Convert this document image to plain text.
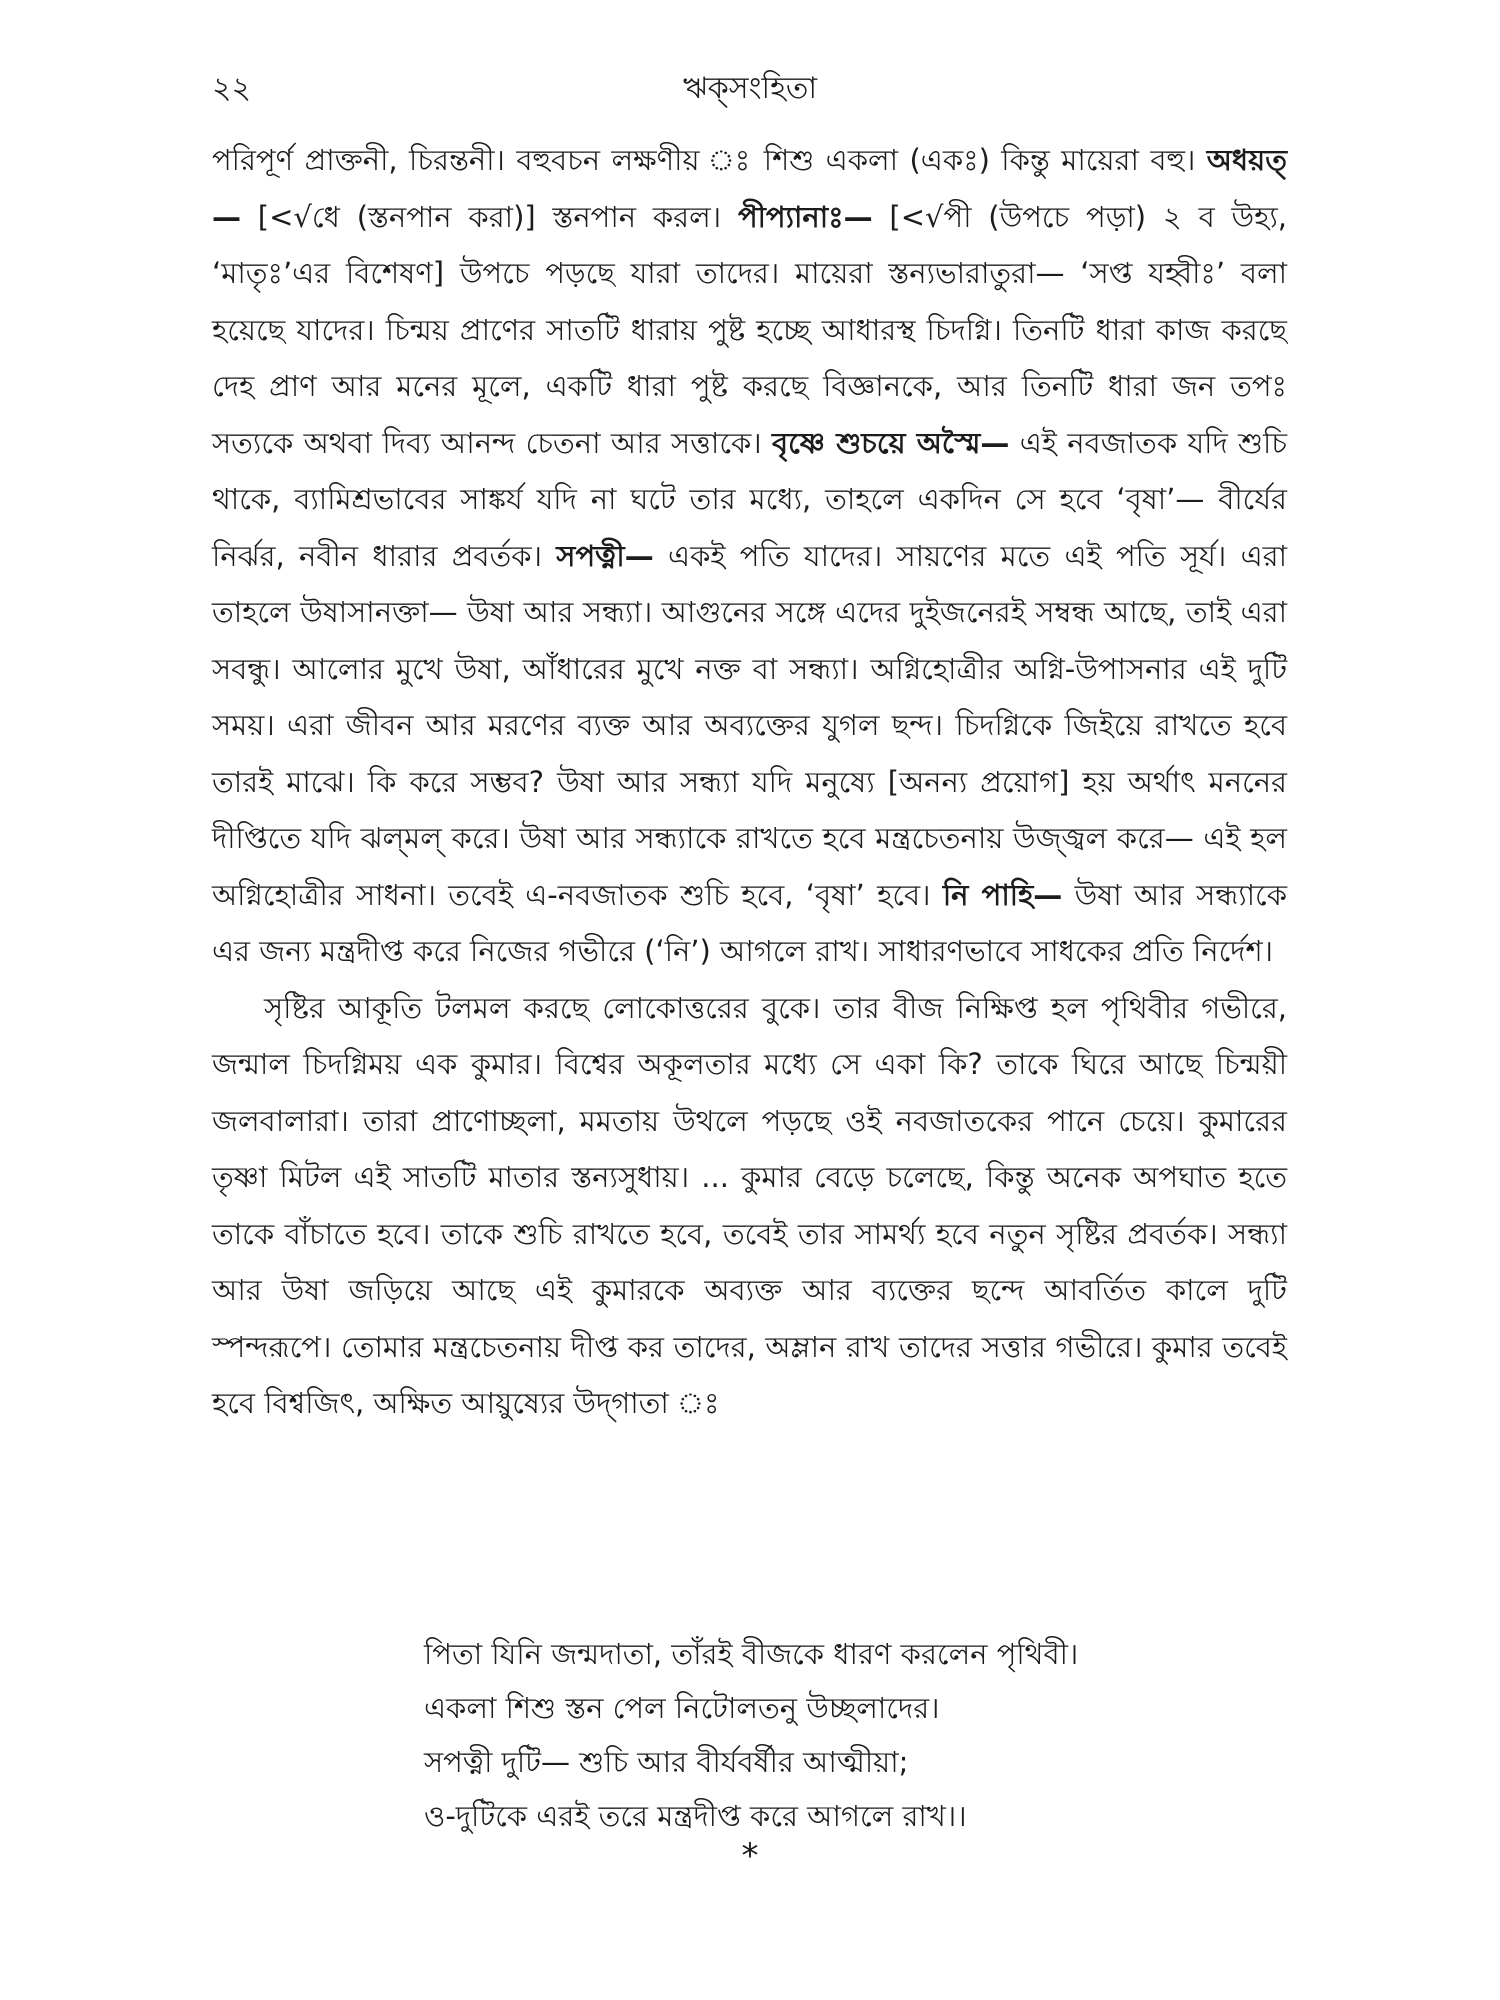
২২	ঋক্‌সংহিতা

পরিপূর্ণ প্রাক্তনী, চিরন্তনী। বহুবচন লক্ষণীয় ঃ শিশু একলা (একঃ) কিন্তু মায়েরা বহু। অধয়ত্— [<√ধে (স্তনপান করা)] স্তনপান করল। পীপ্যানাঃ— [<√পী (উপচে পড়া) ২ ব উহ্য, ‘মাতৃঃ’এর বিশেষণ] উপচে পড়ছে যারা তাদের। মায়েরা স্তন্যভারাতুরা— ‘সপ্ত যহ্বীঃ’ বলা হয়েছে যাদের। চিন্ময় প্রাণের সাতটি ধারায় পুষ্ট হচ্ছে আধারস্থ চিদগ্নি। তিনটি ধারা কাজ করছে দেহ প্রাণ আর মনের মূলে, একটি ধারা পুষ্ট করছে বিজ্ঞানকে, আর তিনটি ধারা জন তপঃ সত্যকে অথবা দিব্য আনন্দ চেতনা আর সত্তাকে। বৃষ্ণে শুচয়ে অস্মৈ— এই নবজাতক যদি শুচি থাকে, ব্যামিশ্রভাবের সাঙ্কর্য যদি না ঘটে তার মধ্যে, তাহলে একদিন সে হবে ‘বৃষা’— বীর্যের নির্ঝর, নবীন ধারার প্রবর্তক। সপত্নী— একই পতি যাদের। সায়ণের মতে এই পতি সূর্য। এরা তাহলে উষাসানক্তা— উষা আর সন্ধ্যা। আগুনের সঙ্গে এদের দুইজনেরই সম্বন্ধ আছে, তাই এরা সবন্ধু। আলোর মুখে উষা, আঁধারের মুখে নক্ত বা সন্ধ্যা। অগ্নিহোত্রীর অগ্নি-উপাসনার এই দুটি সময়। এরা জীবন আর মরণের ব্যক্ত আর অব্যক্তের যুগল ছন্দ। চিদগ্নিকে জিইয়ে রাখতে হবে তারই মাঝে। কি করে সম্ভব? উষা আর সন্ধ্যা যদি মনুষ্যে [অনন্য প্রয়োগ] হয় অর্থাৎ মননের দীপ্তিতে যদি ঝল্‌মল্ করে। উষা আর সন্ধ্যাকে রাখতে হবে মন্ত্রচেতনায় উজ্জ্বল করে— এই হল অগ্নিহোত্রীর সাধনা। তবেই এ-নবজাতক শুচি হবে, ‘বৃষা’ হবে। নি পাহি— উষা আর সন্ধ্যাকে এর জন্য মন্ত্রদীপ্ত করে নিজের গভীরে (‘নি’) আগলে রাখ। সাধারণভাবে সাধকের প্রতি নির্দেশ।

সৃষ্টির আকূতি টলমল করছে লোকোত্তরের বুকে। তার বীজ নিক্ষিপ্ত হল পৃথিবীর গভীরে, জন্মাল চিদগ্নিময় এক কুমার। বিশ্বের অকূলতার মধ্যে সে একা কি? তাকে ঘিরে আছে চিন্ময়ী জলবালারা। তারা প্রাণোচ্ছলা, মমতায় উথলে পড়ছে ওই নবজাতকের পানে চেয়ে। কুমারের তৃষ্ণা মিটল এই সাতটি মাতার স্তন্যসুধায়। ... কুমার বেড়ে চলেছে, কিন্তু অনেক অপঘাত হতে তাকে বাঁচাতে হবে। তাকে শুচি রাখতে হবে, তবেই তার সামর্থ্য হবে নতুন সৃষ্টির প্রবর্তক। সন্ধ্যা আর উষা জড়িয়ে আছে এই কুমারকে অব্যক্ত আর ব্যক্তের ছন্দে আবর্তিত কালে দুটি স্পন্দরূপে। তোমার মন্ত্রচেতনায় দীপ্ত কর তাদের, অম্লান রাখ তাদের সত্তার গভীরে। কুমার তবেই হবে বিশ্বজিৎ, অক্ষিত আয়ুষ্যের উদ্‌গাতা ঃ

পিতা যিনি জন্মদাতা, তাঁরই বীজকে ধারণ করলেন পৃথিবী।
একলা শিশু স্তন পেল নিটোলতনু উচ্ছলাদের।
সপত্নী দুটি— শুচি আর বীর্যবর্ষীর আত্মীয়া;
ও-দুটিকে এরই তরে মন্ত্রদীপ্ত করে আগলে রাখ।।
*
